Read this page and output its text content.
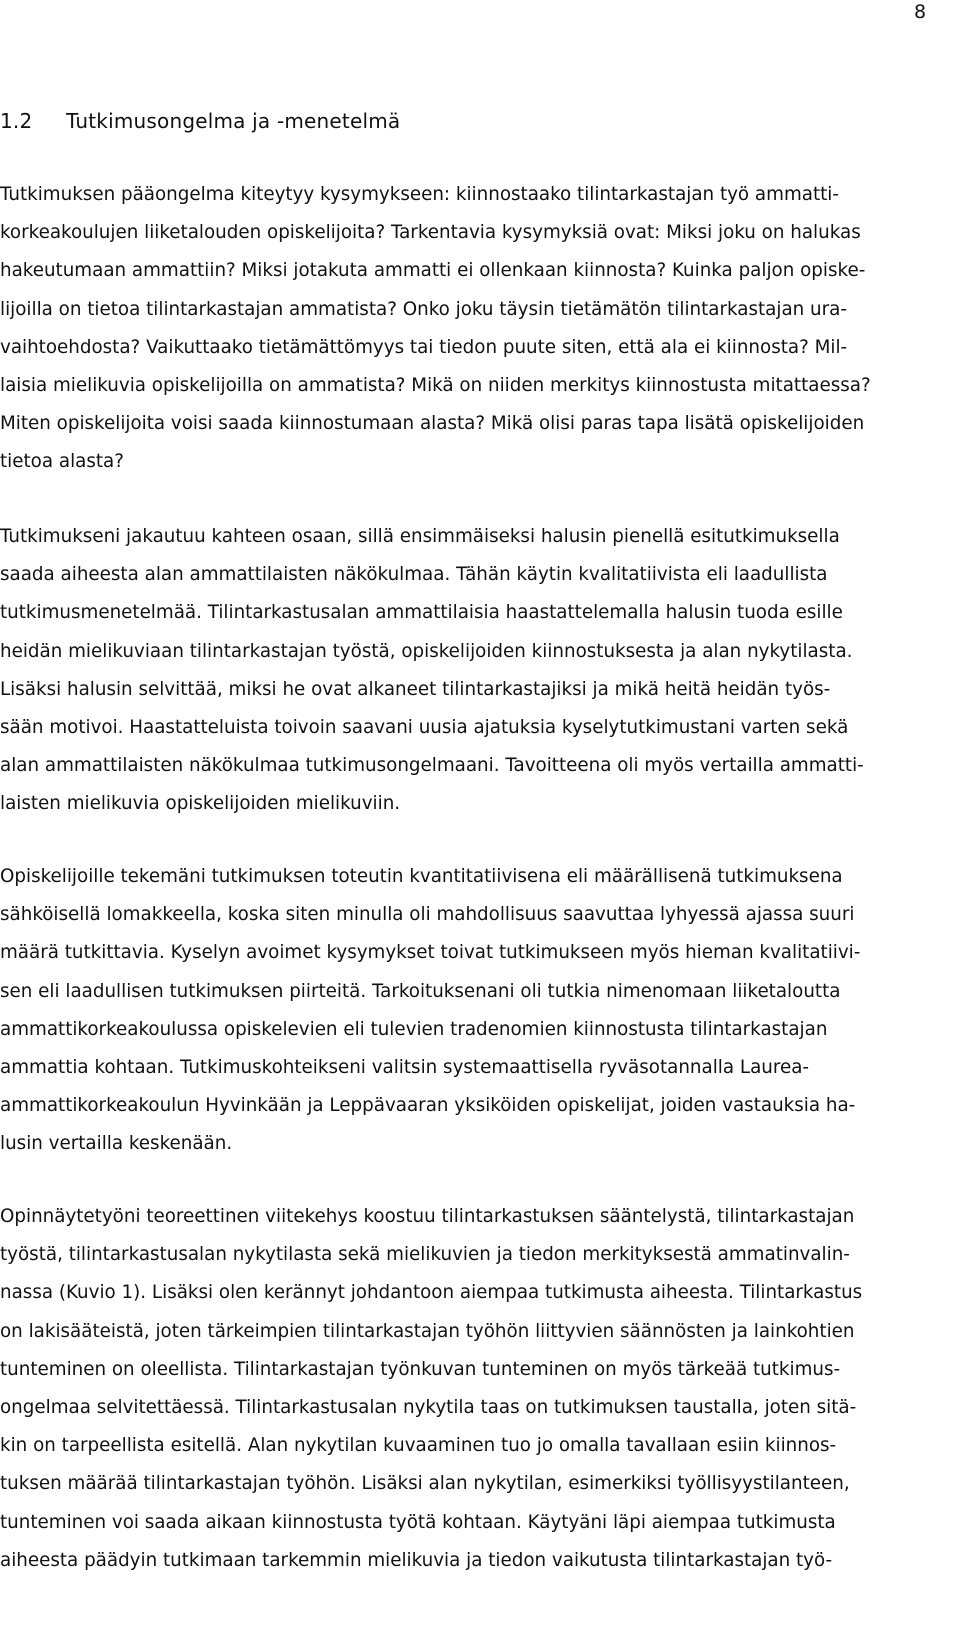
8
1.2 Tutkimusongelma ja -menetelmä
Tutkimuksen pääongelma kiteytyy kysymykseen: kiinnostaako tilintarkastajan työ ammatti-
korkeakoulujen liiketalouden opiskelijoita? Tarkentavia kysymyksiä ovat: Miksi joku on halukas
hakeutumaan ammattiin? Miksi jotakuta ammatti ei ollenkaan kiinnosta? Kuinka paljon opiske-
lijoilla on tietoa tilintarkastajan ammatista? Onko joku täysin tietämätön tilintarkastajan ura-
vaihtoehdosta? Vaikuttaako tietämättömyys tai tiedon puute siten, että ala ei kiinnosta? Mil-
laisia mielikuvia opiskelijoilla on ammatista? Mikä on niiden merkitys kiinnostusta mitattaessa?
Miten opiskelijoita voisi saada kiinnostumaan alasta? Mikä olisi paras tapa lisätä opiskelijoiden
tietoa alasta?
Tutkimukseni jakautuu kahteen osaan, sillä ensimmäiseksi halusin pienellä esitutkimuksella
saada aiheesta alan ammattilaisten näkökulmaa. Tähän käytin kvalitatiivista eli laadullista
tutkimusmenetelmää. Tilintarkastusalan ammattilaisia haastattelemalla halusin tuoda esille
heidän mielikuviaan tilintarkastajan työstä, opiskelijoiden kiinnostuksesta ja alan nykytilasta.
Lisäksi halusin selvittää, miksi he ovat alkaneet tilintarkastajiksi ja mikä heitä heidän työs-
sään motivoi. Haastatteluista toivoin saavani uusia ajatuksia kyselytutkimustani varten sekä
alan ammattilaisten näkökulmaa tutkimusongelmaani. Tavoitteena oli myös vertailla ammatti-
laisten mielikuvia opiskelijoiden mielikuviin.
Opiskelijoille tekemäni tutkimuksen toteutin kvantitatiivisena eli määrällisenä tutkimuksena
sähköisellä lomakkeella, koska siten minulla oli mahdollisuus saavuttaa lyhyessä ajassa suuri
määrä tutkittavia. Kyselyn avoimet kysymykset toivat tutkimukseen myös hieman kvalitatiivi-
sen eli laadullisen tutkimuksen piirteitä. Tarkoituksenani oli tutkia nimenomaan liiketaloutta
ammattikorkeakoulussa opiskelevien eli tulevien tradenomien kiinnostusta tilintarkastajan
ammattia kohtaan. Tutkimuskohteikseni valitsin systemaattisella ryväsotannalla Laurea-
ammattikorkeakoulun Hyvinkään ja Leppävaaran yksiköiden opiskelijat, joiden vastauksia ha-
lusin vertailla keskenään.
Opinnäytetyöni teoreettinen viitekehys koostuu tilintarkastuksen sääntelystä, tilintarkastajan
työstä, tilintarkastusalan nykytilasta sekä mielikuvien ja tiedon merkityksestä ammatinvalin-
nassa (Kuvio 1). Lisäksi olen kerännyt johdantoon aiempaa tutkimusta aiheesta. Tilintarkastus
on lakisääteistä, joten tärkeimpien tilintarkastajan työhön liittyvien säännösten ja lainkohtien
tunteminen on oleellista. Tilintarkastajan työnkuvan tunteminen on myös tärkeää tutkimus-
ongelmaa selvitettäessä. Tilintarkastusalan nykytila taas on tutkimuksen taustalla, joten sitä-
kin on tarpeellista esitellä. Alan nykytilan kuvaaminen tuo jo omalla tavallaan esiin kiinnos-
tuksen määrää tilintarkastajan työhön. Lisäksi alan nykytilan, esimerkiksi työllisyystilanteen,
tunteminen voi saada aikaan kiinnostusta työtä kohtaan. Käytyäni läpi aiempaa tutkimusta
aiheesta päädyin tutkimaan tarkemmin mielikuvia ja tiedon vaikutusta tilintarkastajan työ-
